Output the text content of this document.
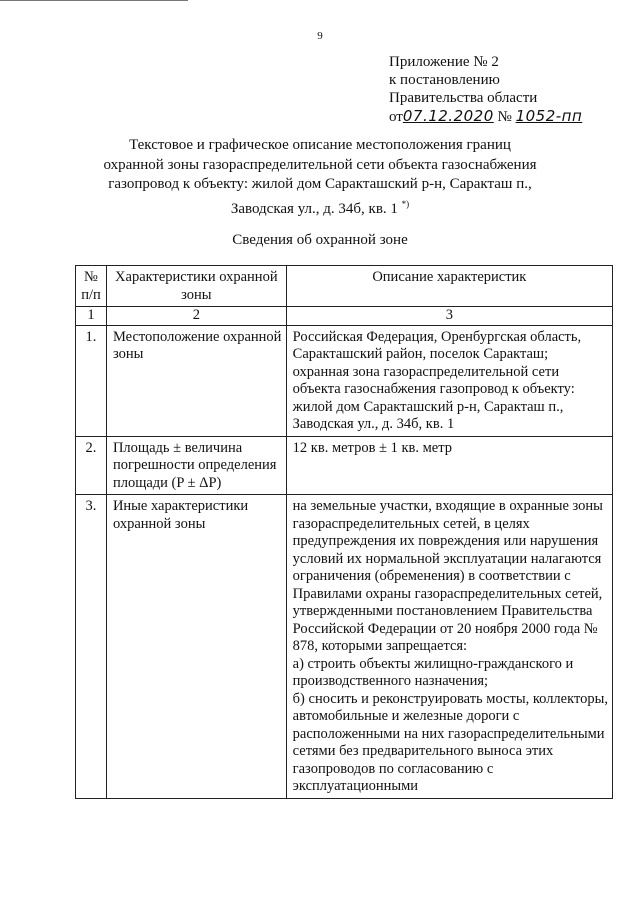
9
Приложение № 2
к постановлению
Правительства области
от07.12.2020 № 1052-пп
Текстовое и графическое описание местоположения границ
охранной зоны газораспределительной сети объекта газоснабжения
газопровод к объекту: жилой дом Саракташский р-н, Саракташ п.,
Заводская ул., д. 34б, кв. 1 *)
Сведения об охранной зоне
№ п/п	Характеристики охранной зоны	Описание характеристик
1	2	3
1.	Местоположение охранной зоны	Российская Федерация, Оренбургская область, Саракташский район, поселок Саракташ; охранная зона газораспределительной сети объекта газоснабжения газопровод к объекту: жилой дом Саракташский р-н, Саракташ п., Заводская ул., д. 34б, кв. 1
2.	Площадь ± величина погрешности определения площади (P ± ΔP)	12 кв. метров ± 1 кв. метр
3.	Иные характеристики охранной зоны	на земельные участки, входящие в охранные зоны газораспределительных сетей, в целях предупреждения их повреждения или нарушения условий их нормальной эксплуатации налагаются ограничения (обременения) в соответствии с Правилами охраны газораспределительных сетей, утвержденными постановлением Правительства Российской Федерации от 20 ноября 2000 года № 878, которыми запрещается:
а) строить объекты жилищно-гражданского и производственного назначения;
б) сносить и реконструировать мосты, коллекторы, автомобильные и железные дороги с расположенными на них газораспределительными сетями без предварительного выноса этих газопроводов по согласованию с эксплуатационными
